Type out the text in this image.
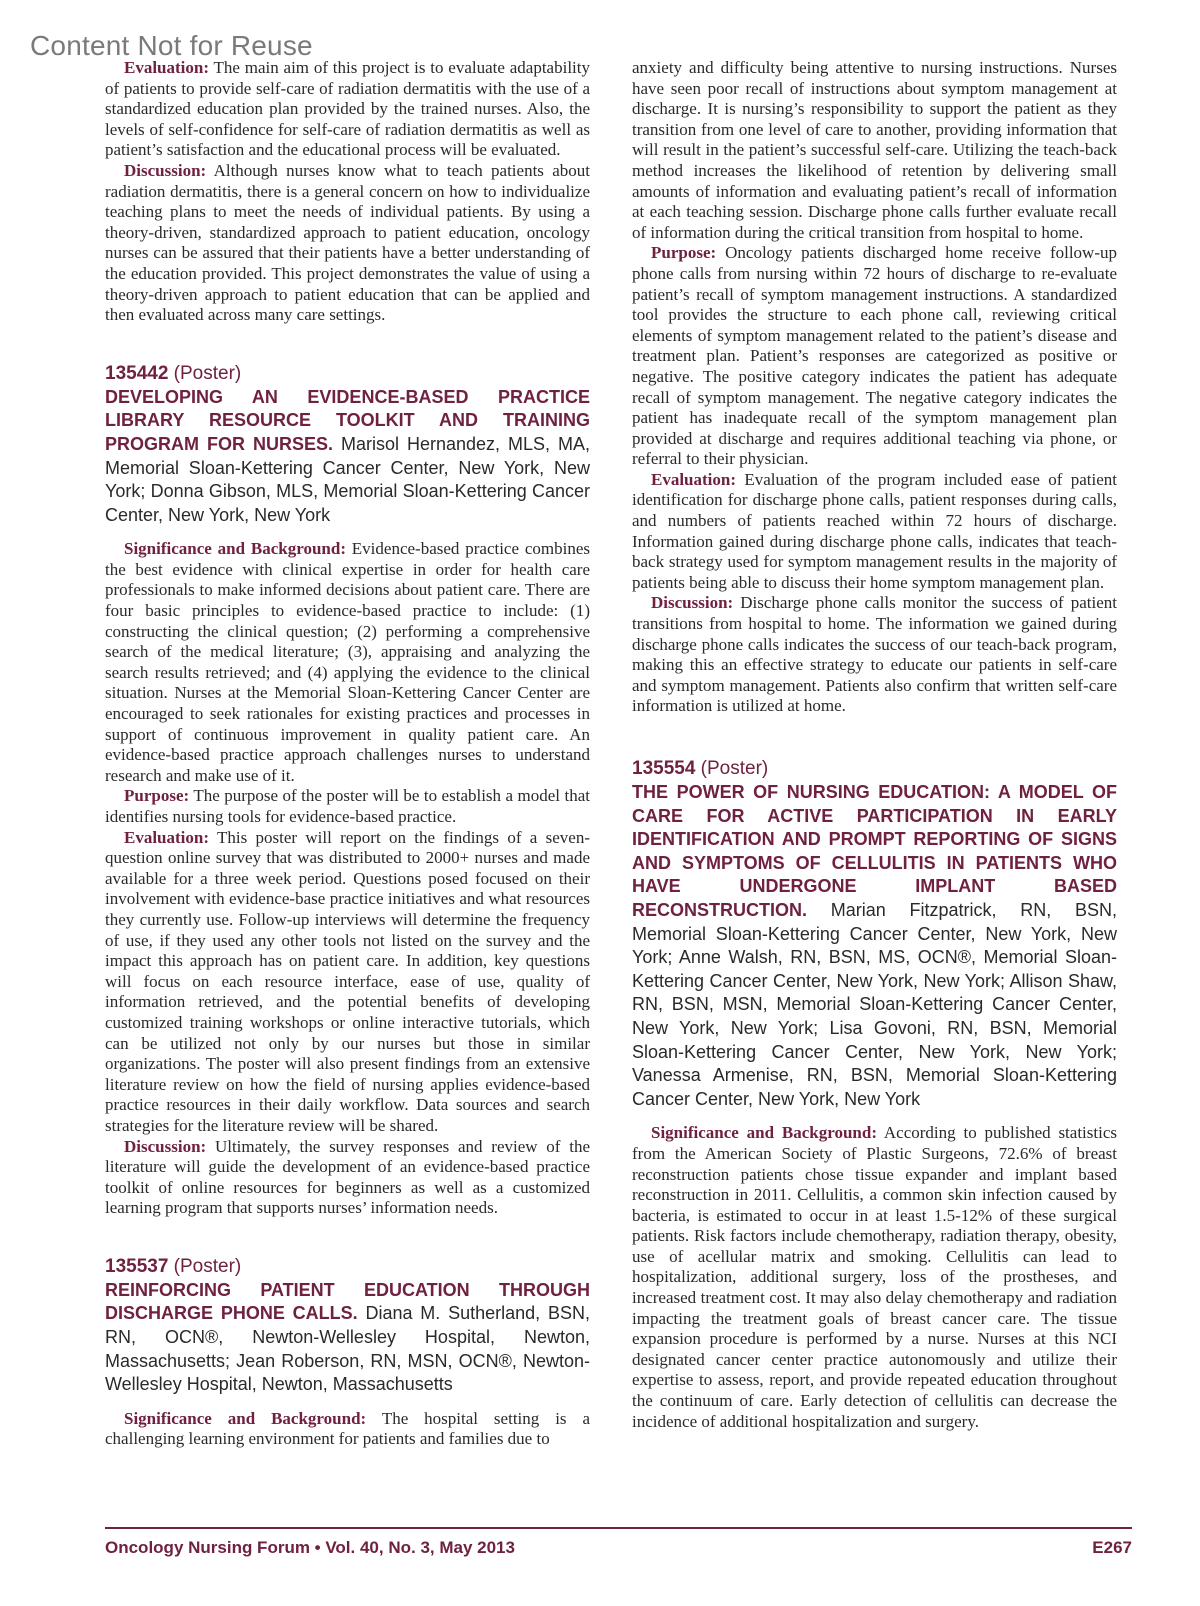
Content Not for Reuse

Evaluation: The main aim of this project is to evaluate adaptability of patients to provide self-care of radiation dermatitis with the use of a standardized education plan provided by the trained nurses. Also, the levels of self-confidence for self-care of radiation dermatitis as well as patient’s satisfaction and the educational process will be evaluated.

Discussion: Although nurses know what to teach patients about radiation dermatitis, there is a general concern on how to individualize teaching plans to meet the needs of individual patients. By using a theory-driven, standardized approach to patient education, oncology nurses can be assured that their patients have a better understanding of the education provided. This project demonstrates the value of using a theory-driven approach to patient education that can be applied and then evaluated across many care settings.

135442 (Poster)
DEVELOPING AN EVIDENCE-BASED PRACTICE LIBRARY RESOURCE TOOLKIT AND TRAINING PROGRAM FOR NURSES. Marisol Hernandez, MLS, MA, Memorial Sloan-Kettering Cancer Center, New York, New York; Donna Gibson, MLS, Memorial Sloan-Kettering Cancer Center, New York, New York

Significance and Background: Evidence-based practice combines the best evidence with clinical expertise in order for health care professionals to make informed decisions about patient care. There are four basic principles to evidence-based practice to include: (1) constructing the clinical question; (2) performing a comprehensive search of the medical literature; (3), appraising and analyzing the search results retrieved; and (4) applying the evidence to the clinical situation. Nurses at the Memorial Sloan-Kettering Cancer Center are encouraged to seek rationales for existing practices and processes in support of continuous improvement in quality patient care. An evidence-based practice approach challenges nurses to understand research and make use of it.

Purpose: The purpose of the poster will be to establish a model that identifies nursing tools for evidence-based practice.

Evaluation: This poster will report on the findings of a seven-question online survey that was distributed to 2000+ nurses and made available for a three week period. Questions posed focused on their involvement with evidence-base practice initiatives and what resources they currently use. Follow-up interviews will determine the frequency of use, if they used any other tools not listed on the survey and the impact this approach has on patient care. In addition, key questions will focus on each resource interface, ease of use, quality of information retrieved, and the potential benefits of developing customized training workshops or online interactive tutorials, which can be utilized not only by our nurses but those in similar organizations. The poster will also present findings from an extensive literature review on how the field of nursing applies evidence-based practice resources in their daily workflow. Data sources and search strategies for the literature review will be shared.

Discussion: Ultimately, the survey responses and review of the literature will guide the development of an evidence-based practice toolkit of online resources for beginners as well as a customized learning program that supports nurses’ information needs.

135537 (Poster)
REINFORCING PATIENT EDUCATION THROUGH DISCHARGE PHONE CALLS. Diana M. Sutherland, BSN, RN, OCN®, Newton-Wellesley Hospital, Newton, Massachusetts; Jean Roberson, RN, MSN, OCN®, Newton-Wellesley Hospital, Newton, Massachusetts

Significance and Background: The hospital setting is a challenging learning environment for patients and families due to

anxiety and difficulty being attentive to nursing instructions. Nurses have seen poor recall of instructions about symptom management at discharge. It is nursing’s responsibility to support the patient as they transition from one level of care to another, providing information that will result in the patient’s successful self-care. Utilizing the teach-back method increases the likelihood of retention by delivering small amounts of information and evaluating patient’s recall of information at each teaching session. Discharge phone calls further evaluate recall of information during the critical transition from hospital to home.

Purpose: Oncology patients discharged home receive follow-up phone calls from nursing within 72 hours of discharge to re-evaluate patient’s recall of symptom management instructions. A standardized tool provides the structure to each phone call, reviewing critical elements of symptom management related to the patient’s disease and treatment plan. Patient’s responses are categorized as positive or negative. The positive category indicates the patient has adequate recall of symptom management. The negative category indicates the patient has inadequate recall of the symptom management plan provided at discharge and requires additional teaching via phone, or referral to their physician.

Evaluation: Evaluation of the program included ease of patient identification for discharge phone calls, patient responses during calls, and numbers of patients reached within 72 hours of discharge. Information gained during discharge phone calls, indicates that teach-back strategy used for symptom management results in the majority of patients being able to discuss their home symptom management plan.

Discussion: Discharge phone calls monitor the success of patient transitions from hospital to home. The information we gained during discharge phone calls indicates the success of our teach-back program, making this an effective strategy to educate our patients in self-care and symptom management. Patients also confirm that written self-care information is utilized at home.

135554 (Poster)
THE POWER OF NURSING EDUCATION: A MODEL OF CARE FOR ACTIVE PARTICIPATION IN EARLY IDENTIFICATION AND PROMPT REPORTING OF SIGNS AND SYMPTOMS OF CELLULITIS IN PATIENTS WHO HAVE UNDERGONE IMPLANT BASED RECONSTRUCTION. Marian Fitzpatrick, RN, BSN, Memorial Sloan-Kettering Cancer Center, New York, New York; Anne Walsh, RN, BSN, MS, OCN®, Memorial Sloan-Kettering Cancer Center, New York, New York; Allison Shaw, RN, BSN, MSN, Memorial Sloan-Kettering Cancer Center, New York, New York; Lisa Govoni, RN, BSN, Memorial Sloan-Kettering Cancer Center, New York, New York; Vanessa Armenise, RN, BSN, Memorial Sloan-Kettering Cancer Center, New York, New York

Significance and Background: According to published statistics from the American Society of Plastic Surgeons, 72.6% of breast reconstruction patients chose tissue expander and implant based reconstruction in 2011. Cellulitis, a common skin infection caused by bacteria, is estimated to occur in at least 1.5-12% of these surgical patients. Risk factors include chemotherapy, radiation therapy, obesity, use of acellular matrix and smoking. Cellulitis can lead to hospitalization, additional surgery, loss of the prostheses, and increased treatment cost. It may also delay chemotherapy and radiation impacting the treatment goals of breast cancer care. The tissue expansion procedure is performed by a nurse. Nurses at this NCI designated cancer center practice autonomously and utilize their expertise to assess, report, and provide repeated education throughout the continuum of care. Early detection of cellulitis can decrease the incidence of additional hospitalization and surgery.

Oncology Nursing Forum • Vol. 40, No. 3, May 2013	E267
